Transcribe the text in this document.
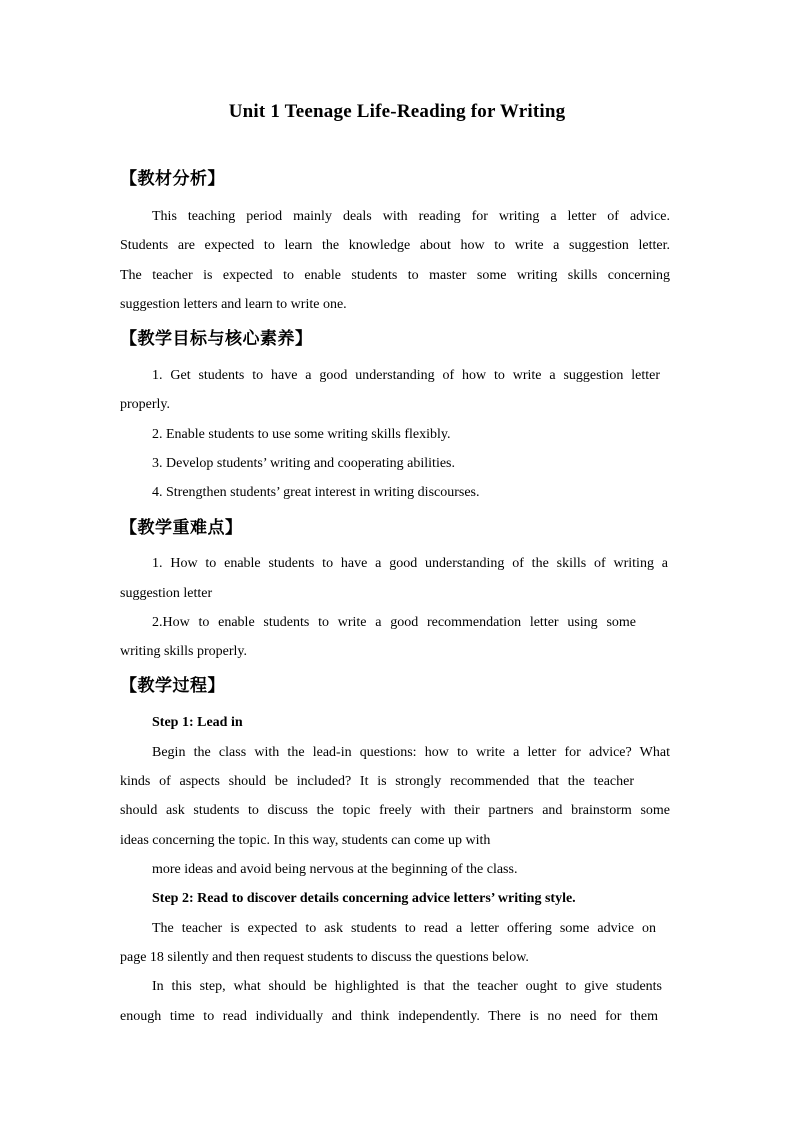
Unit 1 Teenage Life-Reading for Writing
【教材分析】
This teaching period mainly deals with reading for writing a letter of advice.
Students are expected to learn the knowledge about how to write a suggestion letter.
The teacher is expected to enable students to master some writing skills concerning
suggestion letters and learn to write one.
【教学目标与核心素养】
1. Get students to have a good understanding of how to write a suggestion letter
properly.
2. Enable students to use some writing skills flexibly.
3. Develop students’ writing and cooperating abilities.
4. Strengthen students’ great interest in writing discourses.
【教学重难点】
1. How to enable students to have a good understanding of the skills of writing a
suggestion letter
2.How to enable students to write a good recommendation letter using some
writing skills properly.
【教学过程】
Step 1: Lead in
Begin the class with the lead-in questions: how to write a letter for advice? What
kinds of aspects should be included? It is strongly recommended that the teacher
should ask students to discuss the topic freely with their partners and brainstorm some
ideas concerning the topic. In this way, students can come up with
more ideas and avoid being nervous at the beginning of the class.
Step 2: Read to discover details concerning advice letters’ writing style.
The teacher is expected to ask students to read a letter offering some advice on
page 18 silently and then request students to discuss the questions below.
In this step, what should be highlighted is that the teacher ought to give students
enough time to read individually and think independently. There is no need for them
